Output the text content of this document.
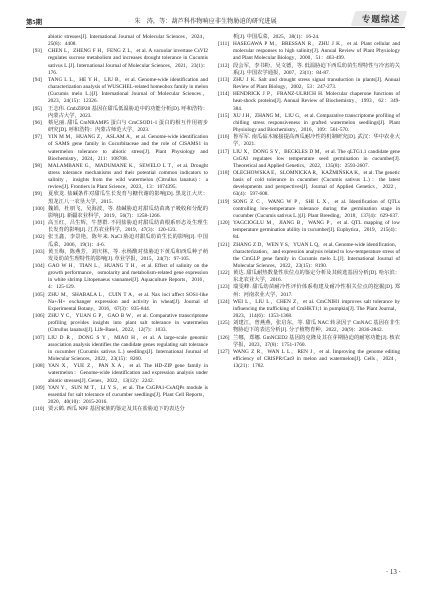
第5期	朱　涛，等：葫芦科作物响应非生物胁迫的研究进展	专题综述

abiotic stresses[J]. International Journal of Molecular Sciences，2024，25(8)：4408.

[93] CHEN L，ZHENG F H，FENG Z L，et al. A vacuolar invertase CsVI2 regulates sucrose metabolism and increases drought tolerance in Cucumis sativus L.[J]. International Journal of Molecular Sciences，2021，23(1)：176.

[94] TANG L L，HE Y H，LIU B，et al. Genome-wide identification and characterization analysis of WUSCHEL-related homeobox family in melon (Cucumis melo L.)[J]. International Journal of Molecular Sciences，2023，24(15)：12326.

[95] 王志伟. CmbZIP28 基因在甜瓜低温胁迫中的功能分析[D]. 呼和浩特：内蒙古大学，2023.

[96] 蔡尼丽. 甜瓜 CmNRAMP5 蛋白与 CmCSOD1-1 蛋白的相互作用初步研究[D]. 呼和浩特：内蒙古师范大学，2023.

[97] YIN M M，HUANG Z，ASLAM A，et al. Genome-wide identification of SAMS gene family in Cucurbitaceae and the role of ClSAMS1 in watermelon tolerance to abiotic stress[J]. Plant Physiology and Biochemistry，2024，211：108708.

[98] MALAMBANE G，MADUMANE K，SEWELO L T，et al. Drought stress tolerance mechanisms and their potential common indicators to salinity，insights from the wild watermelon (Citrullus lanatus)：a review[J]. Frontiers in Plant Science，2023，13：1074395.

[99] 夏欣龙. 盐碱条件对甜瓜生长发育与糖代谢的影响[D]. 黑龙江大庆：黑龙江八一农垦大学，2015.

[100] 魏娟，杜朋飞，吴海波，等. 盐碱胁迫对甜瓜幼苗离子吸收和分配的影响[J]. 新疆农业科学，2019，56(7)：1258-1266.

[101] 高玉红，吕生辉，牛慧群. 不同盐胁迫对甜瓜幼苗根系形态及生理生长发育的影响[J]. 江苏农业科学，2019，47(3)：120-123.

[102] 张玉鑫，李景艳，陈年来. NaCl 胁迫对甜瓜幼苗生长的影响[J]. 中国瓜菜，2006，19(1)：4-6.

[103] 黄玉梅，陈燕芳，刘庆林，等. 水杨酸对盐胁迫下黄瓜和西瓜种子萌发及幼苗生理特性的影响[J]. 草业学报，2015，24(7)：97-105.

[104] GAO W H，TIAN L，HUANG T H，et al. Effect of salinity on the growth performance，osmolarity and metabolism-related gene expression in white shrimp Litopenaeus vannamei[J]. Aquaculture Reports，2016，4：125-129.

[105] ZHU M，SHABALA L，CUIN T A，et al. Nax loci affect SOS1-like Na+/H+ exchanger expression and activity in wheat[J]. Journal of Experimental Botany，2016，67(3)：835-844.

[106] ZHU Y C，YUAN G P，GAO B W，et al. Comparative transcriptome profiling provides insights into plant salt tolerance in watermelon (Citrullus lanatus)[J]. Life-Basel，2022，12(7)：1033.

[107] LIU D R，DONG S Y，MIAO H，et al. A large-scale genomic association analysis identifies the candidate genes regulating salt tolerance in cucumber (Cucumis sativus L.) seedlings[J]. International Journal of Molecular Sciences，2022，23(15)：8260.

[108] YAN X，YUE Z，PAN X A，et al. The HD-ZIP gene family in watermelon：Genome-wide identification and expression analysis under abiotic stresses[J]. Genes，2022，13(12)：2242.

[109] YAN Y，SUN M T，LI Y S，et al. The CsGPA1-CsAQPs module is essential for salt tolerance of cucumber seedlings[J]. Plant Cell Reports，2020，40(10)：2015-2016.

[110] 贾云鹤. 西瓜 NPF 基因家族的鉴定及其在盐胁迫下的表达分

析[J]. 中国瓜菜，2025，38(1)：16-24.

[111] HASEGAWA P M，BRESSAN R，ZHU J K，et al. Plant cellular and molecular responses to high salinity[J]. Annual Review of Plant Physiology and Plant Molecular Biology，2000，51：463-499.

[112] 段会军，李书粉，吴文德，等. 低温胁迫下西瓜幼苗生理特性与冷害的关系[J]. 中国农学通报，2007，23(1)：84-87.

[113] ZHU J K. Salt and drought stress signal transduction in plants[J]. Annual Review of Plant Biology，2002，53：247-273.

[114] HENDRICK J P，FRANZ-ULRICH H. Molecular chaperone functions of heat-shock proteins[J]. Annual Review of Biochemistry，1993，62：349-384.

[115] XU J H，ZHANG M，LIU G，et al. Comparative transcriptome profiling of chilling stress responsiveness in grafted watermelon seedlings[J]. Plant Physiology and Biochemistry，2016，109：561-570.

[116] 鲁军军. 南瓜砧木嫁接提高西瓜耐冷性的机制研究[D]. 武汉：华中农业大学，2021.

[117] LIU X，DONG S Y，BECKLES D M，et al. The qLTG1.1 candidate gene CsGAI regulates low temperature seed germination in cucumber[J]. Theoretical and Applied Genetics，2022，135(8)：2593-2607.

[118] OLECHOWSKA E，SLOMNICKA R，KAŹMIŃSKA K，et al. The genetic basis of cold tolerance in cucumber (Cucumis sativus L.)：the latest developments and perspectives[J]. Journal of Applied Genetics，2022，63(4)：597-608.

[119] SONG Z C，WANG W P，SHI L X，et al. Identification of QTLs controlling low-temperature tolerance during the germination stage in cucumber (Cucumis sativus L.)[J]. Plant Breeding，2018，137(4)：629-637.

[120] YAGCIOGLU M，JIANG B，WANG P，et al. QTL mapping of low temperature germination ability in cucumber[J]. Euphytica，2019，215(4)：84.

[121] ZHANG Z D，WEN Y S，YUAN L Q，et al. Genome-wide identification，characterization，and expression analysis related to low-temperature stress of the CmGLP gene family in Cucumis melo L.[J]. International Journal of Molecular Sciences，2022，23(15)：8190.

[122] 黄达. 甜瓜耐热数量性状位点的鉴定分析及其候选基因分析[D]. 哈尔滨：东北农业大学，2016.

[123] 瑞雯峰. 甜瓜幼苗耐冷性评价体系构建及耐冷性相关位点的挖掘[D]. 郑州：河南农业大学，2017.

[124] WEI L，LIU L，CHEN Z，et al. CmCNIH1 improves salt tolerance by influencing the trafficking of CmHKT1;1 in pumpkin[J]. The Plant Journal，2023，114(6)：1353-1368.

[125] 刘建江，曾燕燕，张启东，等. 甜瓜 NAC 转录因子 CmNAC 基因在非生物胁迫下的表达分析[J]. 分子植物育种，2022，20(9)：2836-2842.

[126] 兰娜，郑娜. GmNCED2 基因的克隆及其在芽期胁迫的耐寒功能[J]. 核农学报，2023，37(8)：1751-1760.

[127] WANG Z R，WAN L L，REN J，et al. Improving the genome editing efficiency of CRISPR/Cas9 in melon and watermelon[J]. Cells，2024，13(21)：1782.

· 13 ·
